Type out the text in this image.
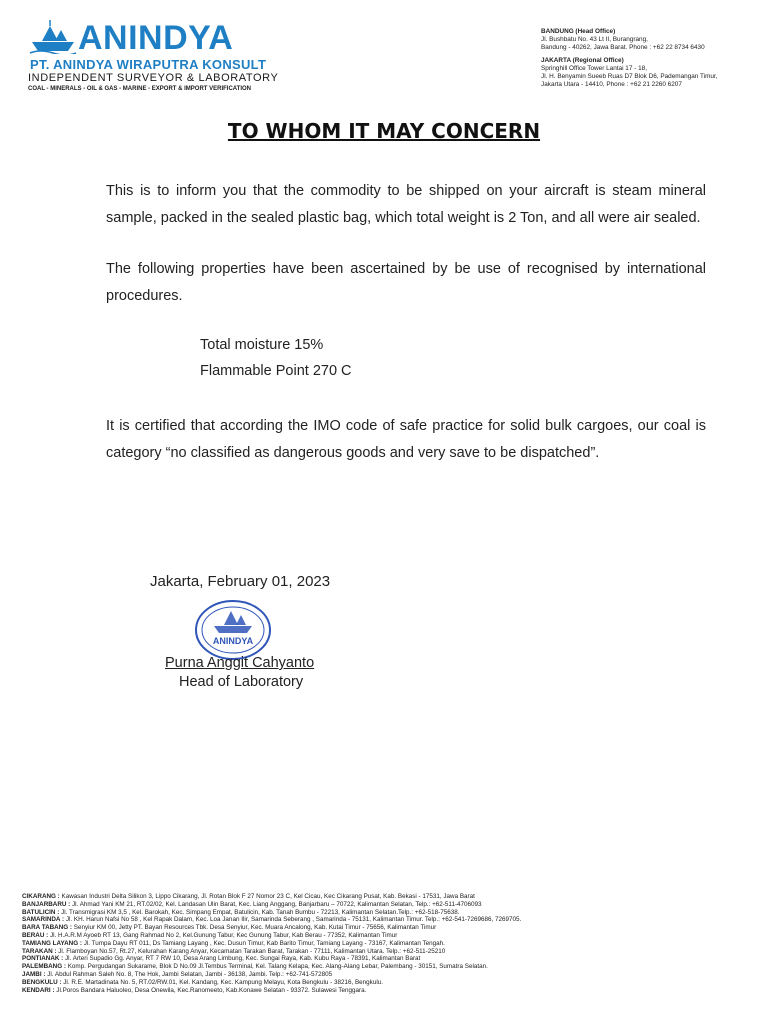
ANINDYA
PT. ANINDYA WIRAPUTRA KONSULT
INDEPENDENT SURVEYOR & LABORATORY
COAL - MINERALS - OIL & GAS - MARINE - EXPORT & IMPORT VERIFICATION
BANDUNG (Head Office)
Jl. Bushbatu No. 43 Lt II, Burangrang,
Bandung - 40262, Jawa Barat. Phone : +62 22 8734 6430
JAKARTA (Regional Office)
Springhill Office Tower Lantai 17 - 18,
Jl. H. Benyamin Sueeb Ruas D7 Blok D6, Pademangan Timur,
Jakarta Utara - 14410, Phone : +62 21 2260 6207
TO WHOM IT MAY CONCERN
This is to inform you that the commodity to be shipped on your aircraft is steam mineral sample, packed in the sealed plastic bag, which total weight is 2 Ton, and all were air sealed.
The following properties have been ascertained by be use of recognised by international procedures.
Total moisture 15%
Flammable Point 270 C
It is certified that according the IMO code of safe practice for solid bulk cargoes, our coal is category “no classified as dangerous goods and very save to be dispatched”.
Jakarta, February 01, 2023
ANINDYA
Purna Anggit Cahyanto
Head of Laboratory
CIKARANG : Kawasan Industri Delta Silikon 3, Lippo Cikarang, Jl. Rotan Blok F 27 Nomor 23 C, Kel Cicau, Kec Cikarang Pusat, Kab. Bekasi - 17531, Jawa Barat
BANJARBARU : Jl. Ahmad Yani KM 21, RT.02/02, Kel. Landasan Ulin Barat, Kec. Liang Anggang, Banjarbaru – 70722, Kalimantan Selatan, Telp.: +62-511-4706093
BATULICIN : Jl. Transmigrasi KM 3,5 , Kel. Barokah, Kec. Simpang Empat, Batulicin, Kab. Tanah Bumbu - 72213, Kalimantan Selatan.Telp.: +62-518-75638.
SAMARINDA : Jl. KH. Harun Nafsi No 58 , Kel Rapak Dalam, Kec. Loa Janan Ilir, Samarinda Seberang , Samarinda - 75131, Kalimantan Timur. Telp.: +62-541-7269686, 7269705.
BARA TABANG : Senyiur KM 00, Jetty PT. Bayan Resources Tbk. Desa Senyiur, Kec. Muara Ancalong, Kab. Kutai Timur - 75656, Kalimantan Timur
BERAU : Jl. H.A.R.M Ayoeb RT 13, Gang Rahmad No 2, Kel.Gunung Tabur, Kec Gunung Tabur, Kab Berau - 77352, Kalimantan Timur
TAMIANG LAYANG : Jl. Tumpa Dayu RT 011, Ds Tamiang Layang , Kec. Dusun Timur, Kab Barito Timur, Tamiang Layang - 73167, Kalimantan Tengah.
TARAKAN : Jl. Flamboyan No.57, Rt.27, Kelurahan Karang Anyar, Kecamatan Tarakan Barat, Tarakan - 77111, Kalimantan Utara. Telp.: +62-511-25210
PONTIANAK : Jl. Arteri Supadio Gg. Anyar, RT 7 RW 10, Desa Arang Limbung, Kec. Sungai Raya, Kab. Kubu Raya - 78391, Kalimantan Barat
PALEMBANG : Komp. Pergudangan Sukarame, Blok D No.09 Jl.Tembus Terminal, Kel. Talang Kelapa, Kec. Alang-Alang Lebar, Palembang - 30151, Sumatra Selatan.
JAMBI : Jl. Abdul Rahman Saleh No. 8, The Hok, Jambi Selatan, Jambi - 36138, Jambi. Telp.: +62-741-572805
BENGKULU : Jl. R.E. Martadinata No. 5, RT.02/RW.01, Kel. Kandang, Kec. Kampung Melayu, Kota Bengkulu - 38216, Bengkulu.
KENDARI : Jl.Poros Bandara Haluoleo, Desa Onewila, Kec.Ranomeeto, Kab.Konawe Selatan - 93372. Sulawesi Tenggara.
